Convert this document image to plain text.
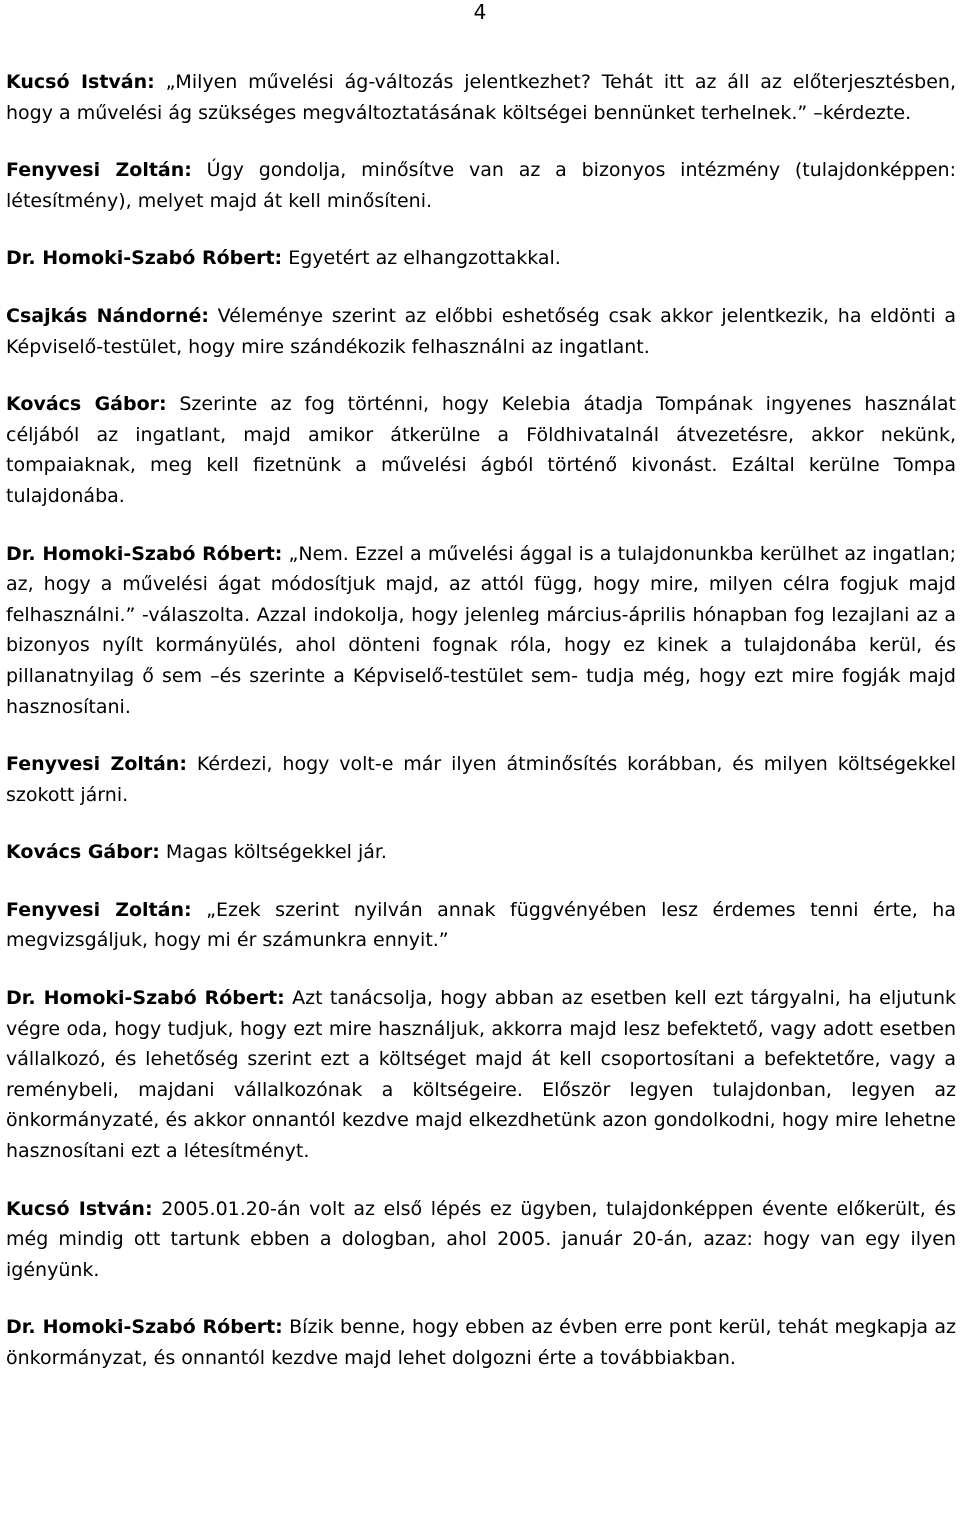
4

Kucsó István: „Milyen művelési ág-változás jelentkezhet? Tehát itt az áll az előterjesztésben, hogy a művelési ág szükséges megváltoztatásának költségei bennünket terhelnek.” –kérdezte.

Fenyvesi Zoltán: Úgy gondolja, minősítve van az a bizonyos intézmény (tulajdonképpen: létesítmény), melyet majd át kell minősíteni.

Dr. Homoki-Szabó Róbert: Egyetért az elhangzottakkal.

Csajkás Nándorné: Véleménye szerint az előbbi eshetőség csak akkor jelentkezik, ha eldönti a Képviselő-testület, hogy mire szándékozik felhasználni az ingatlant.

Kovács Gábor: Szerinte az fog történni, hogy Kelebia átadja Tompának ingyenes használat céljából az ingatlant, majd amikor átkerülne a Földhivatalnál átvezetésre, akkor nekünk, tompaiaknak, meg kell fizetnünk a művelési ágból történő kivonást. Ezáltal kerülne Tompa tulajdonába.

Dr. Homoki-Szabó Róbert: „Nem. Ezzel a művelési ággal is a tulajdonunkba kerülhet az ingatlan; az, hogy a művelési ágat módosítjuk majd, az attól függ, hogy mire, milyen célra fogjuk majd felhasználni.” -válaszolta. Azzal indokolja, hogy jelenleg március-április hónapban fog lezajlani az a bizonyos nyílt kormányülés, ahol dönteni fognak róla, hogy ez kinek a tulajdonába kerül, és pillanatnyilag ő sem –és szerinte a Képviselő-testület sem- tudja még, hogy ezt mire fogják majd hasznosítani.

Fenyvesi Zoltán: Kérdezi, hogy volt-e már ilyen átminősítés korábban, és milyen költségekkel szokott járni.

Kovács Gábor: Magas költségekkel jár.

Fenyvesi Zoltán: „Ezek szerint nyilván annak függvényében lesz érdemes tenni érte, ha megvizsgáljuk, hogy mi ér számunkra ennyit.”

Dr. Homoki-Szabó Róbert: Azt tanácsolja, hogy abban az esetben kell ezt tárgyalni, ha eljutunk végre oda, hogy tudjuk, hogy ezt mire használjuk, akkorra majd lesz befektető, vagy adott esetben vállalkozó, és lehetőség szerint ezt a költséget majd át kell csoportosítani a befektetőre, vagy a reménybeli, majdani vállalkozónak a költségeire. Először legyen tulajdonban, legyen az önkormányzaté, és akkor onnantól kezdve majd elkezdhetünk azon gondolkodni, hogy mire lehetne hasznosítani ezt a létesítményt.

Kucsó István: 2005.01.20-án volt az első lépés ez ügyben, tulajdonképpen évente előkerült, és még mindig ott tartunk ebben a dologban, ahol 2005. január 20-án, azaz: hogy van egy ilyen igényünk.

Dr. Homoki-Szabó Róbert: Bízik benne, hogy ebben az évben erre pont kerül, tehát megkapja az önkormányzat, és onnantól kezdve majd lehet dolgozni érte a továbbiakban.
